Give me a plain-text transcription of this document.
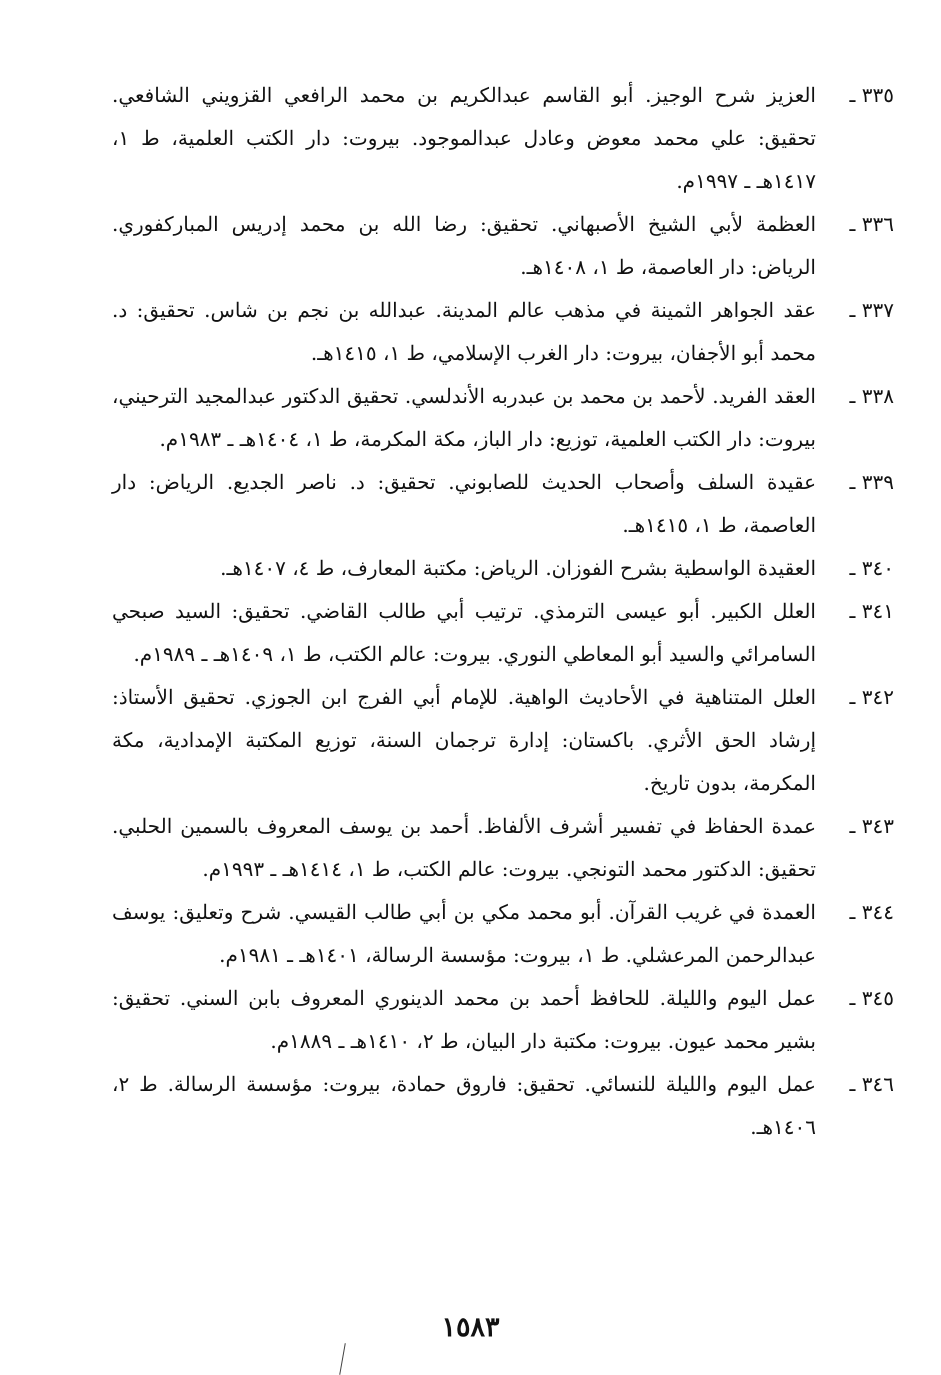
٣٣٥ ـ
العزيز شرح الوجيز. أبو القاسم عبدالكريم بن محمد الرافعي القزويني الشافعي. تحقيق: علي محمد معوض وعادل عبدالموجود. بيروت: دار الكتب العلمية، ط ١، ١٤١٧هـ ـ ١٩٩٧م.
٣٣٦ ـ
العظمة لأبي الشيخ الأصبهاني. تحقيق: رضا الله بن محمد إدريس المباركفوري. الرياض: دار العاصمة، ط ١، ١٤٠٨هـ.
٣٣٧ ـ
عقد الجواهر الثمينة في مذهب عالم المدينة. عبدالله بن نجم بن شاس. تحقيق: د. محمد أبو الأجفان، بيروت: دار الغرب الإسلامي، ط ١، ١٤١٥هـ.
٣٣٨ ـ
العقد الفريد. لأحمد بن محمد بن عبدربه الأندلسي. تحقيق الدكتور عبدالمجيد الترحيني، بيروت: دار الكتب العلمية، توزيع: دار الباز، مكة المكرمة، ط ١، ١٤٠٤هـ ـ ١٩٨٣م.
٣٣٩ ـ
عقيدة السلف وأصحاب الحديث للصابوني. تحقيق: د. ناصر الجديع. الرياض: دار العاصمة، ط ١، ١٤١٥هـ.
٣٤٠ ـ
العقيدة الواسطية بشرح الفوزان. الرياض: مكتبة المعارف، ط ٤، ١٤٠٧هـ.
٣٤١ ـ
العلل الكبير. أبو عيسى الترمذي. ترتيب أبي طالب القاضي. تحقيق: السيد صبحي السامرائي والسيد أبو المعاطي النوري. بيروت: عالم الكتب، ط ١، ١٤٠٩هـ ـ ١٩٨٩م.
٣٤٢ ـ
العلل المتناهية في الأحاديث الواهية. للإمام أبي الفرج ابن الجوزي. تحقيق الأستاذ: إرشاد الحق الأثري. باكستان: إدارة ترجمان السنة، توزيع المكتبة الإمدادية، مكة المكرمة، بدون تاريخ.
٣٤٣ ـ
عمدة الحفاظ في تفسير أشرف الألفاظ. أحمد بن يوسف المعروف بالسمين الحلبي. تحقيق: الدكتور محمد التونجي. بيروت: عالم الكتب، ط ١، ١٤١٤هـ ـ ١٩٩٣م.
٣٤٤ ـ
العمدة في غريب القرآن. أبو محمد مكي بن أبي طالب القيسي. شرح وتعليق: يوسف عبدالرحمن المرعشلي. ط ١، بيروت: مؤسسة الرسالة، ١٤٠١هـ ـ ١٩٨١م.
٣٤٥ ـ
عمل اليوم والليلة. للحافظ أحمد بن محمد الدينوري المعروف بابن السني. تحقيق: بشير محمد عيون. بيروت: مكتبة دار البيان، ط ٢، ١٤١٠هـ ـ ١٨٨٩م.
٣٤٦ ـ
عمل اليوم والليلة للنسائي. تحقيق: فاروق حمادة، بيروت: مؤسسة الرسالة. ط ٢، ١٤٠٦هـ.
١٥٨٣
